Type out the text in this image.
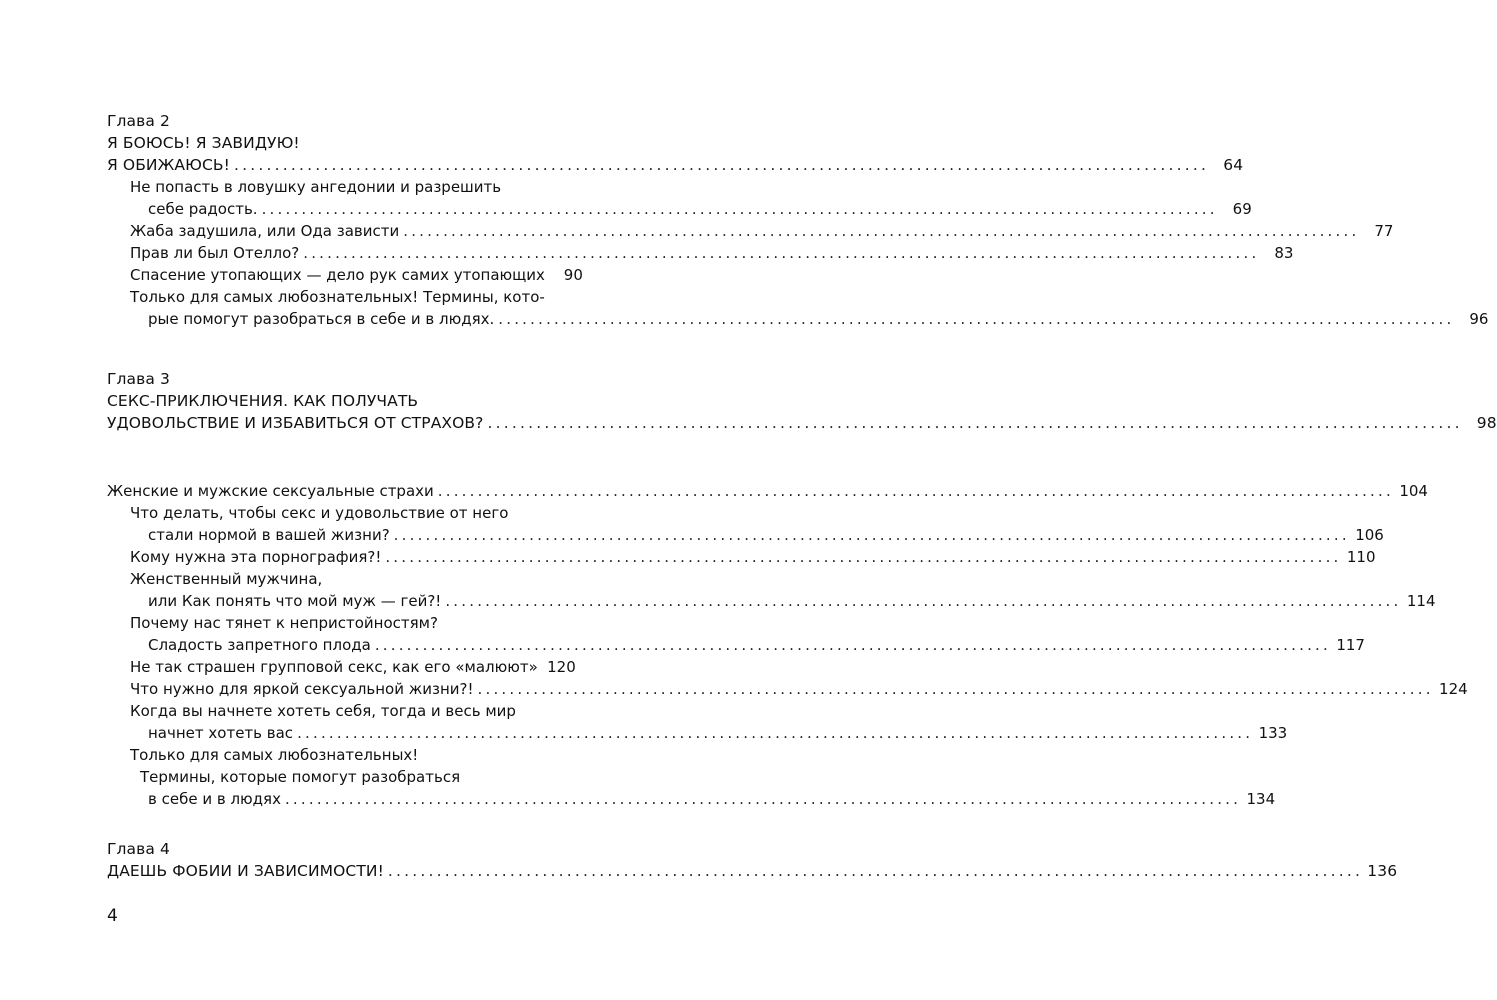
Глава 2
Я БОЮСЬ! Я ЗАВИДУЮ!
Я ОБИЖАЮСЬ! ........................................................................................................................ 64
Не попасть в ловушку ангедонии и разрешить
себе радость. ........................................................................................................................ 69
Жаба задушила, или Ода зависти ........................................................................................................................ 77
Прав ли был Отелло? ........................................................................................................................ 83
Спасение утопающих — дело рук самих утопающих	90
Только для самых любознательных! Термины, кото-
рые помогут разобраться в себе и в людях. ........................................................................................................................ 96
Глава 3
СЕКС-ПРИКЛЮЧЕНИЯ. КАК ПОЛУЧАТЬ
УДОВОЛЬСТВИЕ И ИЗБАВИТЬСЯ ОТ СТРАХОВ? ........................................................................................................................ 98
Женские и мужские сексуальные страхи ........................................................................................................................ 104
Что делать, чтобы секс и удовольствие от него
стали нормой в вашей жизни? ........................................................................................................................ 106
Кому нужна эта порнография?! ........................................................................................................................ 110
Женственный мужчина,
или Как понять что мой муж — гей?! ........................................................................................................................ 114
Почему нас тянет к непристойностям?
Сладость запретного плода ........................................................................................................................ 117
Не так страшен групповой секс, как его «малюют» 120
Что нужно для яркой сексуальной жизни?! ........................................................................................................................ 124
Когда вы начнете хотеть себя, тогда и весь мир
начнет хотеть вас ........................................................................................................................ 133
Только для самых любознательных!
Термины, которые помогут разобраться
в себе и в людях ........................................................................................................................ 134
Глава 4
ДАЕШЬ ФОБИИ И ЗАВИСИМОСТИ! ........................................................................................................................ 136
4
